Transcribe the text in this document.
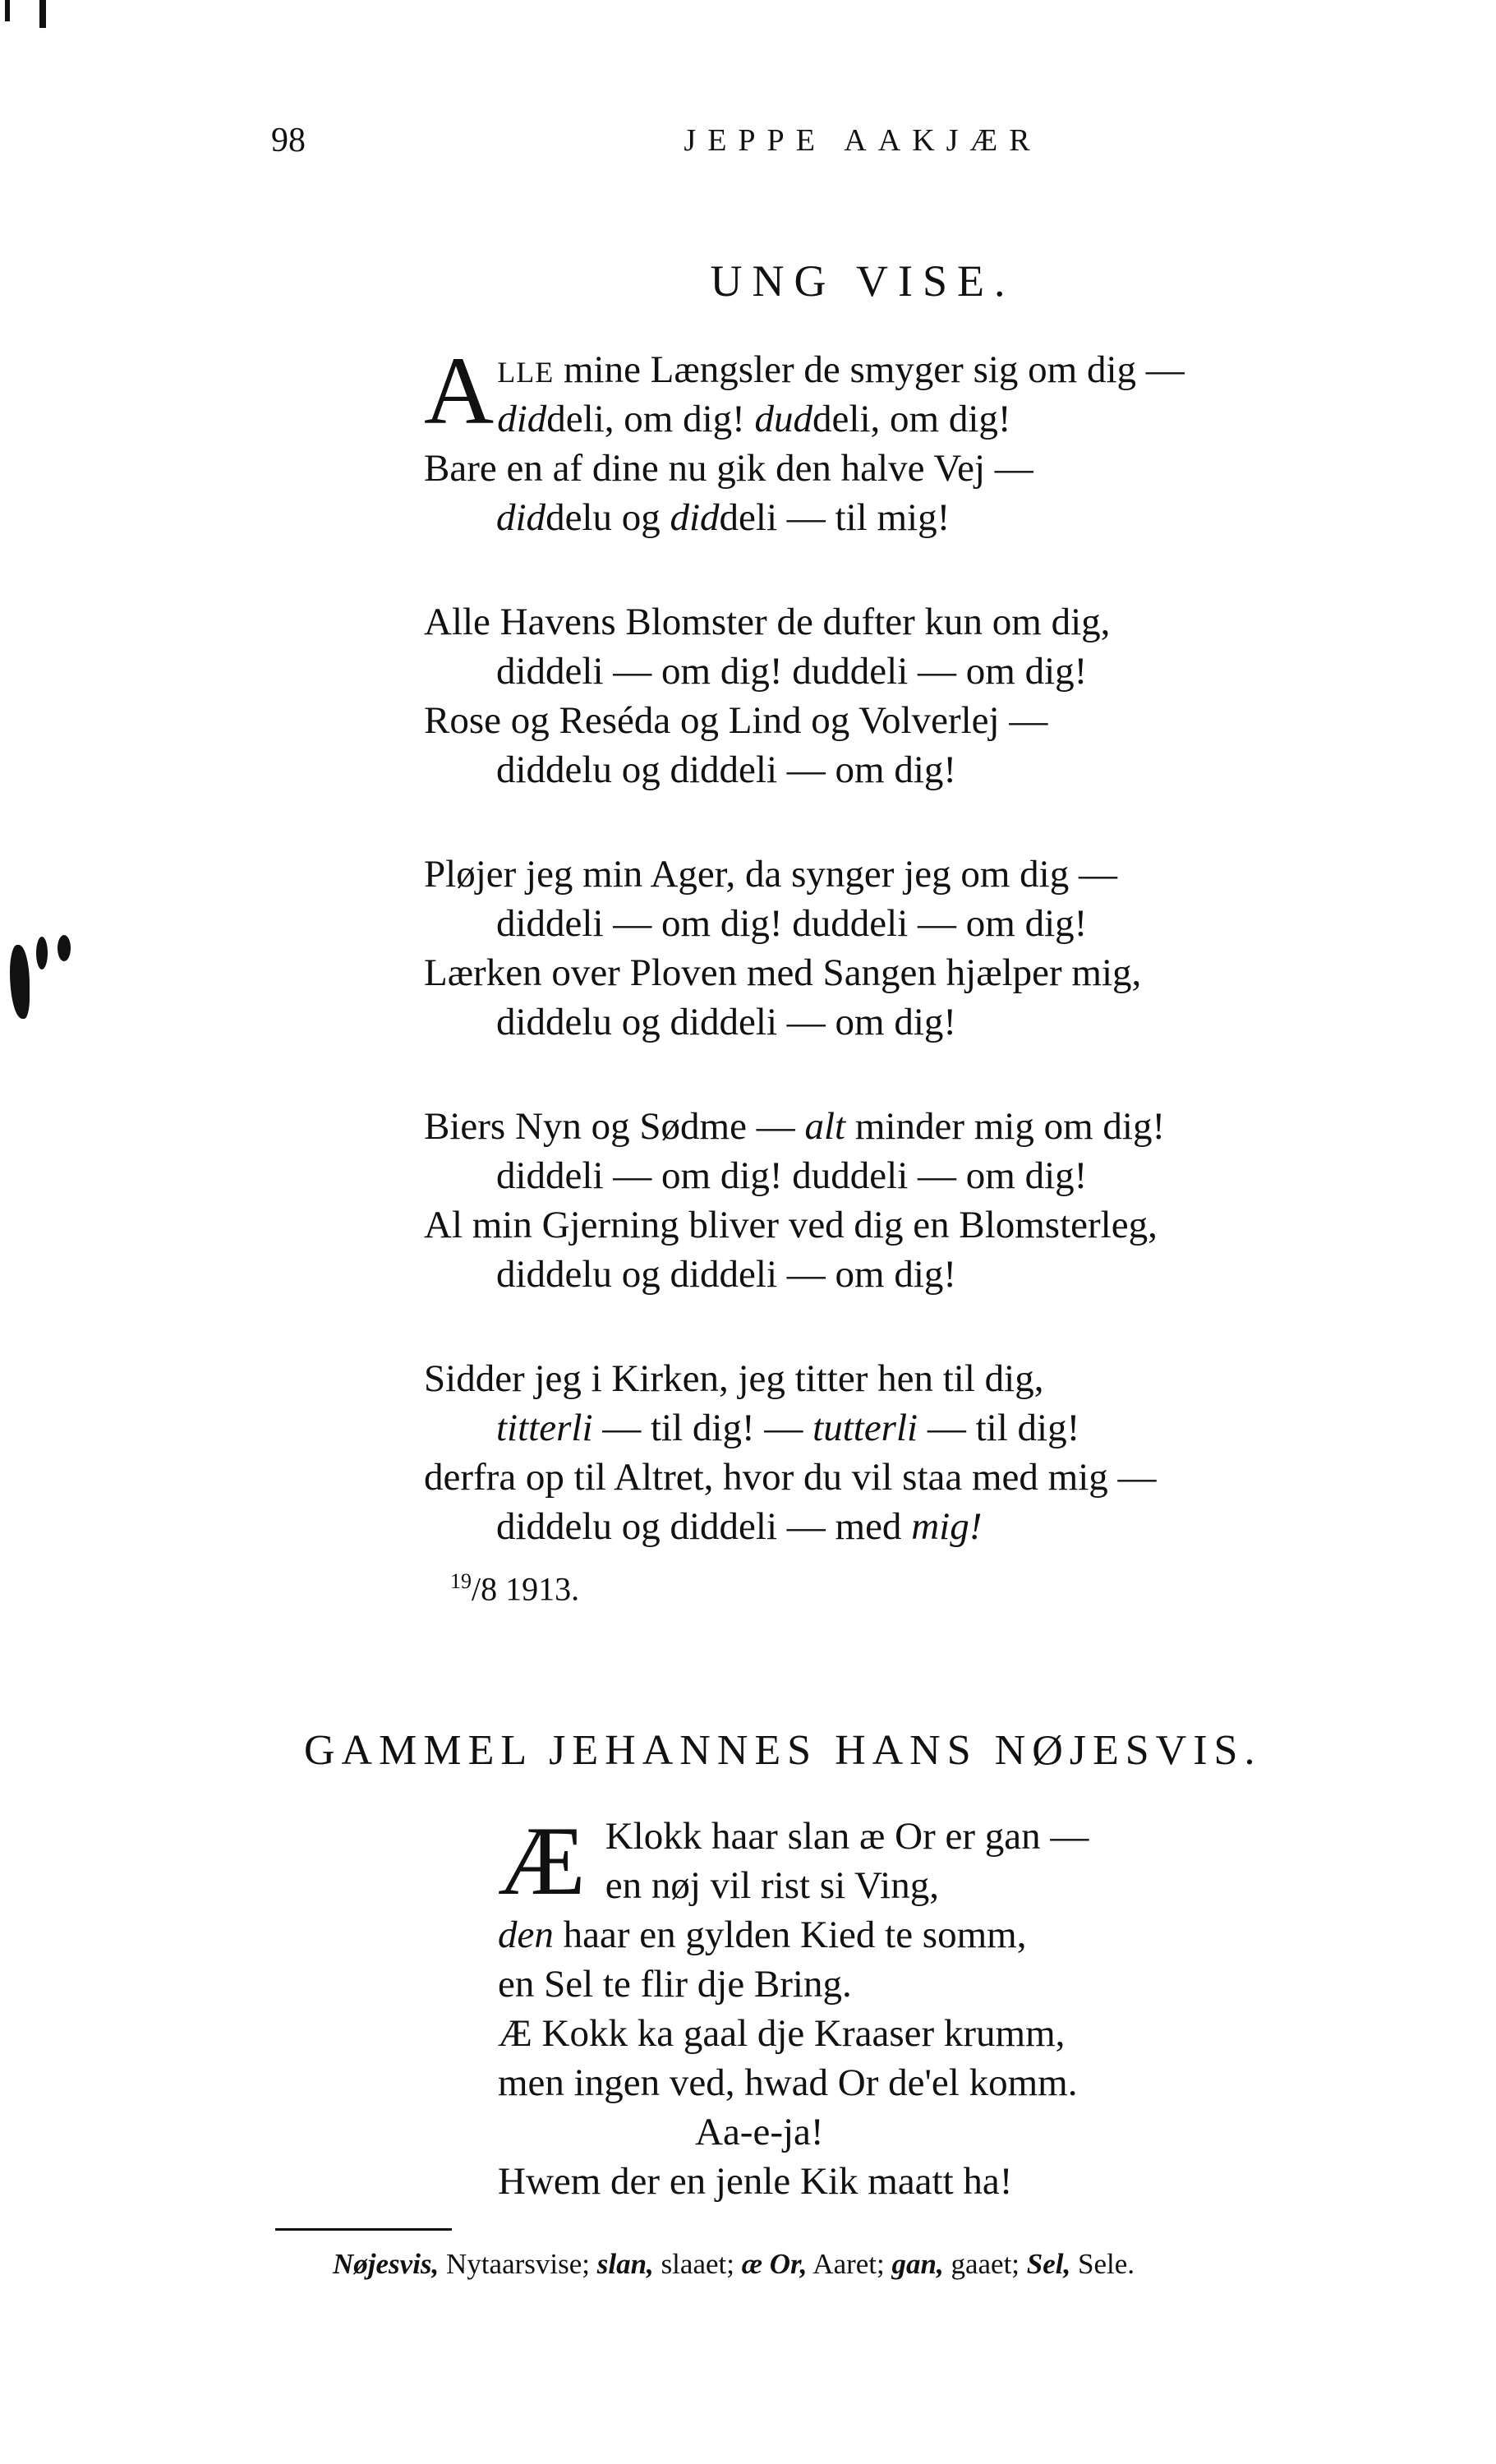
98	JEPPE AAKJÆR
UNG VISE.
A LLE mine Længsler de smyger sig om dig —
diddeli, om dig! duddeli, om dig!
Bare en af dine nu gik den halve Vej —
diddelu og diddeli — til mig!
Alle Havens Blomster de dufter kun om dig,
diddeli — om dig! duddeli — om dig!
Rose og Reséda og Lind og Volverlej —
diddelu og diddeli — om dig!
Pløjer jeg min Ager, da synger jeg om dig —
diddeli — om dig! duddeli — om dig!
Lærken over Ploven med Sangen hjælper mig,
diddelu og diddeli — om dig!
Biers Nyn og Sødme — alt minder mig om dig!
diddeli — om dig! duddeli — om dig!
Al min Gjerning bliver ved dig en Blomsterleg,
diddelu og diddeli — om dig!
Sidder jeg i Kirken, jeg titter hen til dig,
titterli — til dig! — tutterli — til dig!
derfra op til Altret, hvor du vil staa med mig —
diddelu og diddeli — med mig!
$^{19}$/8 1913.
GAMMEL JEHANNES HANS NØJESVIS.
Æ Klokk haar slan æ Or er gan —
en nøj vil rist si Ving,
den haar en gylden Kied te somm,
en Sel te flir dje Bring.
Æ Kokk ka gaal dje Kraaser krumm,
men ingen ved, hwad Or de'el komm.
Aa-e-ja!
Hwem der en jenle Kik maatt ha!
Nøjesvis, Nytaarsvise; slan, slaaet; æ Or, Aaret; gan, gaaet; Sel, Sele.
